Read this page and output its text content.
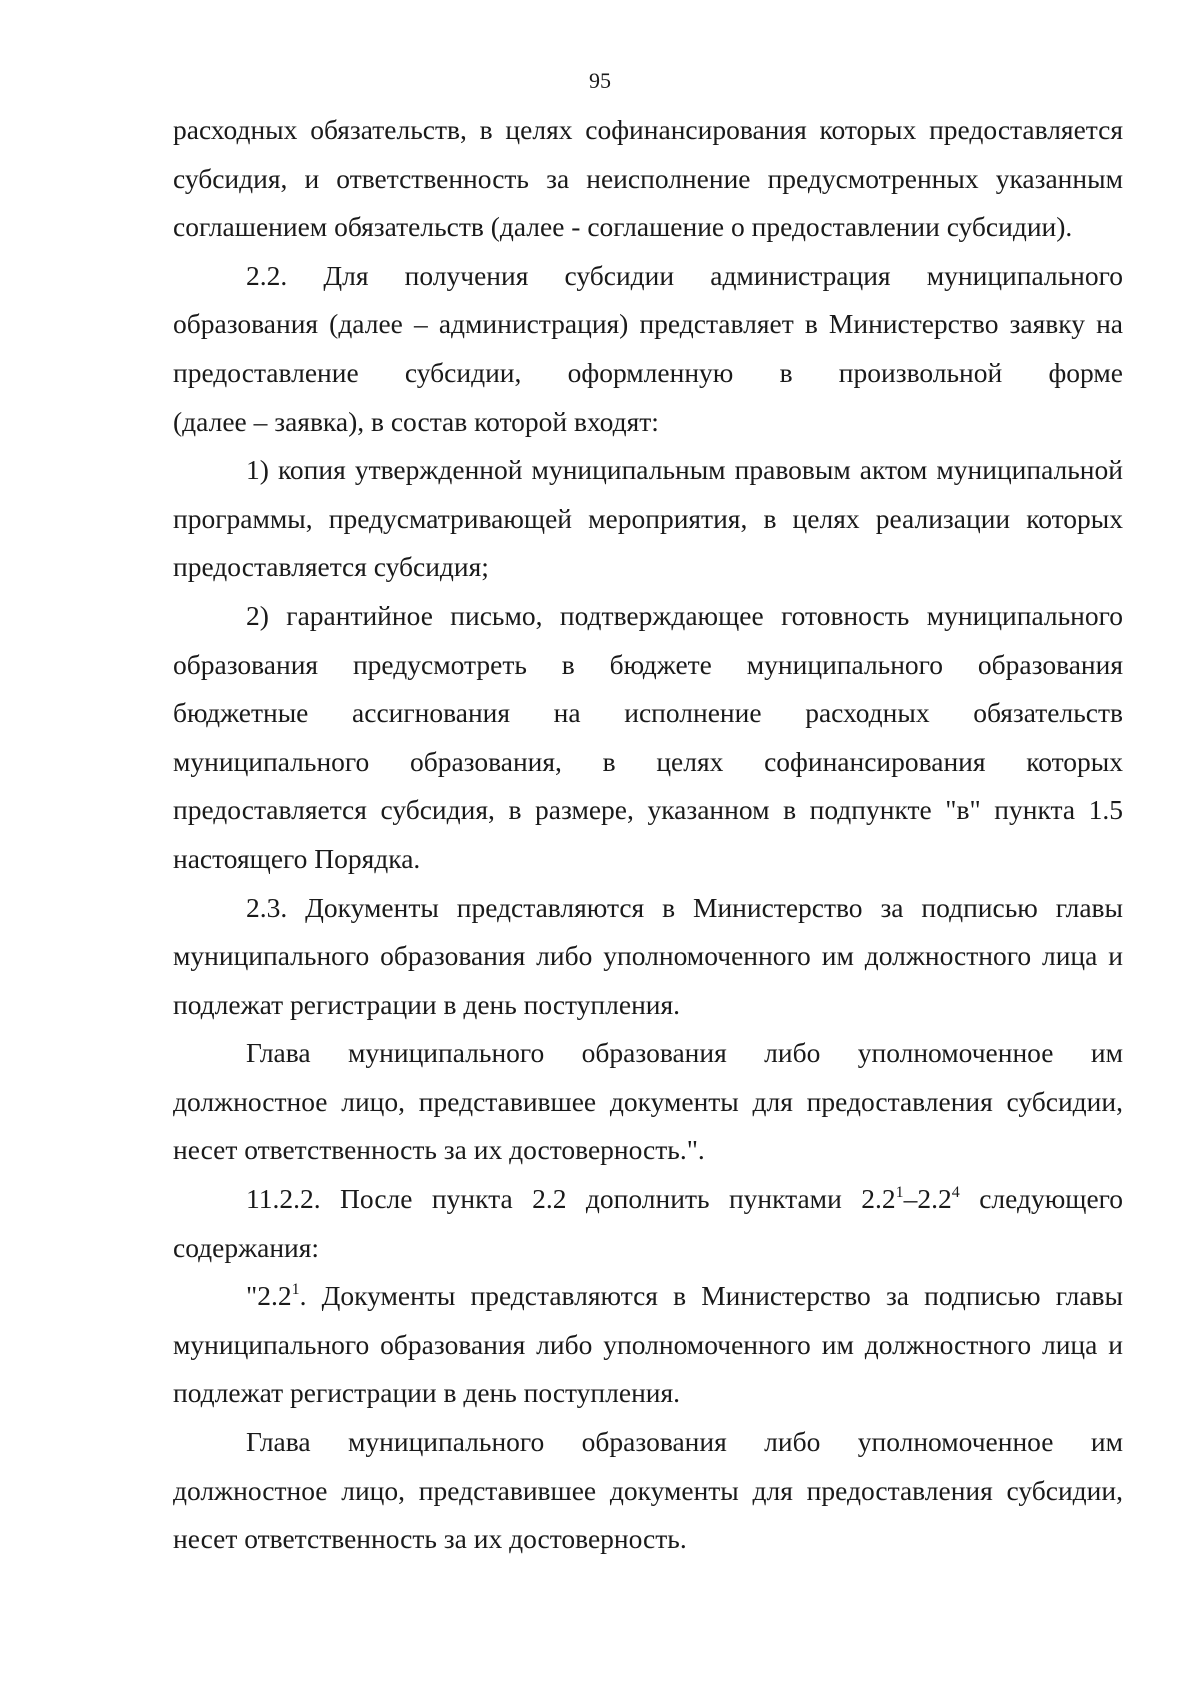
95

расходных обязательств, в целях софинансирования которых предоставляется субсидия, и ответственность за неисполнение предусмотренных указанным соглашением обязательств (далее - соглашение о предоставлении субсидии).

2.2. Для получения субсидии администрация муниципального образования (далее – администрация) представляет в Министерство заявку на предоставление субсидии, оформленную в произвольной форме

(далее – заявка), в состав которой входят:

1) копия утвержденной муниципальным правовым актом муниципальной программы, предусматривающей мероприятия, в целях реализации которых предоставляется субсидия;

2) гарантийное письмо, подтверждающее готовность муниципального образования предусмотреть в бюджете муниципального образования бюджетные ассигнования на исполнение расходных обязательств муниципального образования, в целях софинансирования которых предоставляется субсидия, в размере, указанном в подпункте "в" пункта 1.5 настоящего Порядка.

2.3. Документы представляются в Министерство за подписью главы муниципального образования либо уполномоченного им должностного лица и подлежат регистрации в день поступления.

Глава муниципального образования либо уполномоченное им должностное лицо, представившее документы для предоставления субсидии, несет ответственность за их достоверность.".

11.2.2. После пункта 2.2 дополнить пунктами $2.2^1-2.2^4$ следующего содержания:

"$2.2^1$. Документы представляются в Министерство за подписью главы муниципального образования либо уполномоченного им должностного лица и подлежат регистрации в день поступления.

Глава муниципального образования либо уполномоченное им должностное лицо, представившее документы для предоставления субсидии, несет ответственность за их достоверность.
